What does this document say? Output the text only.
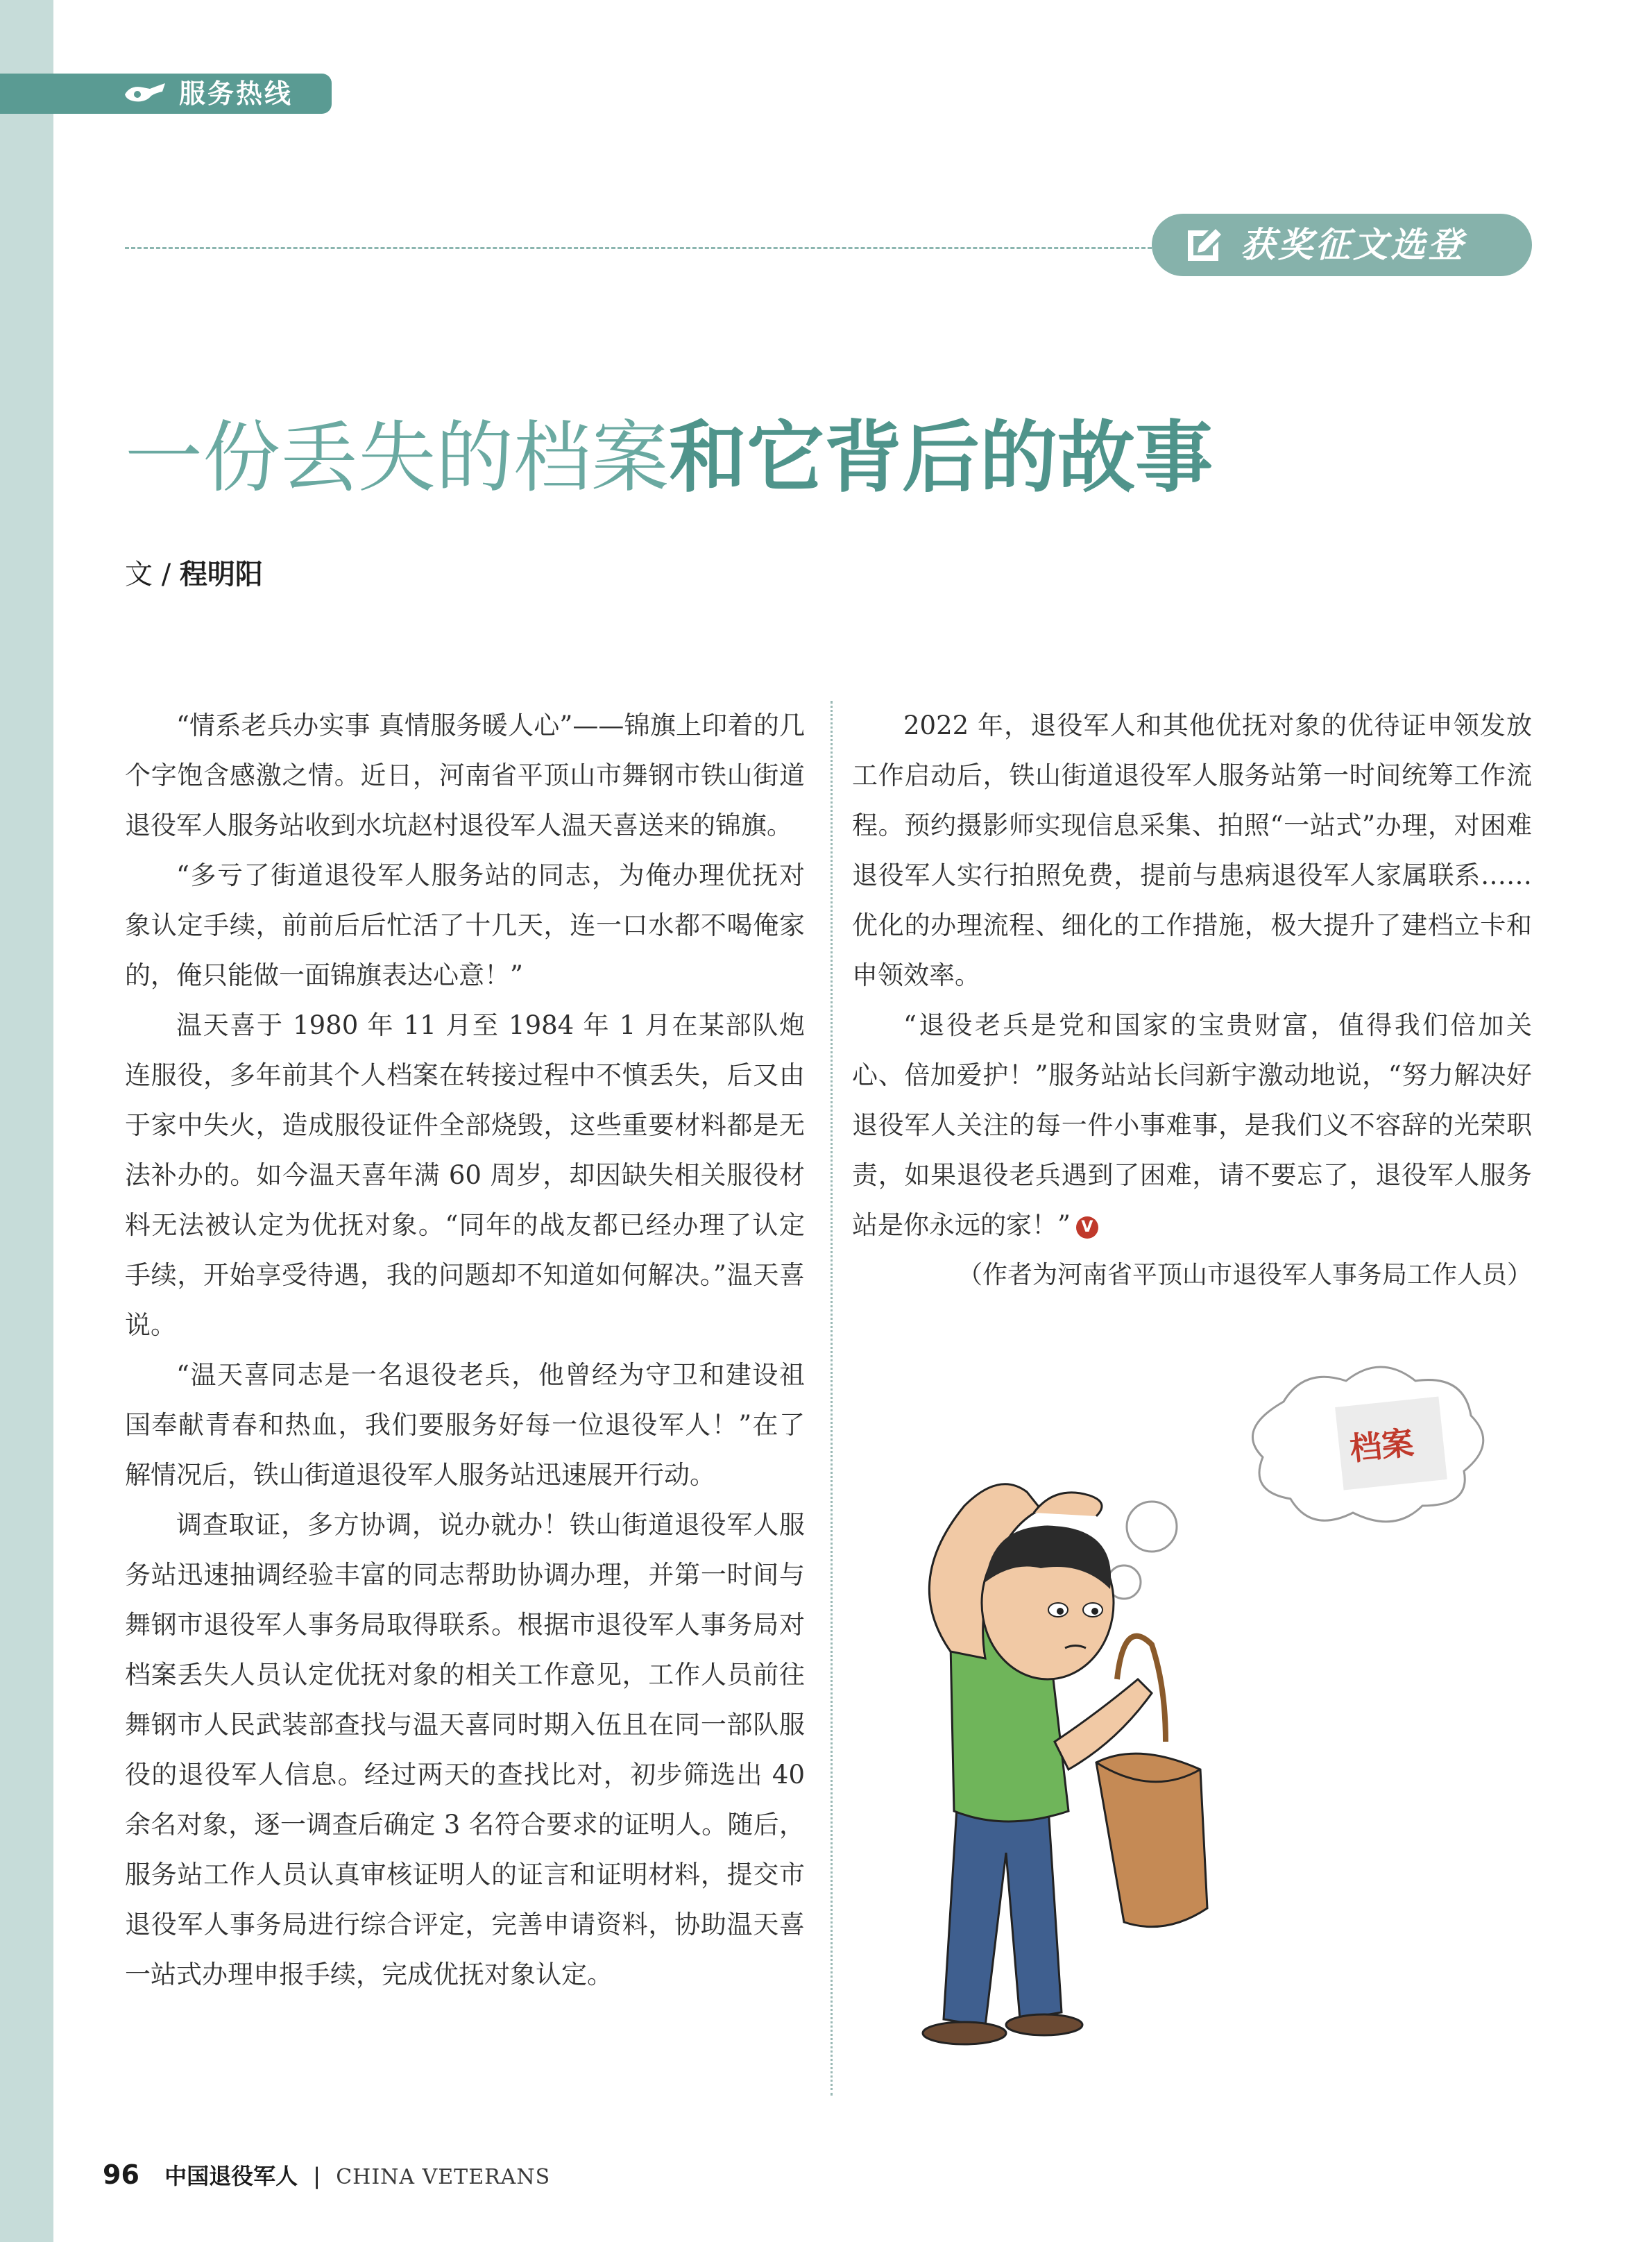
服务热线
获奖征文选登
一份丢失的档案和它背后的故事
文 / 程明阳

“情系老兵办实事 真情服务暖人心”——锦旗上印着的几个字饱含感激之情。近日，河南省平顶山市舞钢市铁山街道退役军人服务站收到水坑赵村退役军人温天喜送来的锦旗。

“多亏了街道退役军人服务站的同志，为俺办理优抚对象认定手续，前前后后忙活了十几天，连一口水都不喝俺家的，俺只能做一面锦旗表达心意！”

温天喜于 1980 年 11 月至 1984 年 1 月在某部队炮连服役，多年前其个人档案在转接过程中不慎丢失，后又由于家中失火，造成服役证件全部烧毁，这些重要材料都是无法补办的。如今温天喜年满 60 周岁，却因缺失相关服役材料无法被认定为优抚对象。“同年的战友都已经办理了认定手续，开始享受待遇，我的问题却不知道如何解决。”温天喜说。

“温天喜同志是一名退役老兵，他曾经为守卫和建设祖国奉献青春和热血，我们要服务好每一位退役军人！”在了解情况后，铁山街道退役军人服务站迅速展开行动。

调查取证，多方协调，说办就办！铁山街道退役军人服务站迅速抽调经验丰富的同志帮助协调办理，并第一时间与舞钢市退役军人事务局取得联系。根据市退役军人事务局对档案丢失人员认定优抚对象的相关工作意见，工作人员前往舞钢市人民武装部查找与温天喜同时期入伍且在同一部队服役的退役军人信息。经过两天的查找比对，初步筛选出 40 余名对象，逐一调查后确定 3 名符合要求的证明人。随后，服务站工作人员认真审核证明人的证言和证明材料，提交市退役军人事务局进行综合评定，完善申请资料，协助温天喜一站式办理申报手续，完成优抚对象认定。

2022 年，退役军人和其他优抚对象的优待证申领发放工作启动后，铁山街道退役军人服务站第一时间统筹工作流程。预约摄影师实现信息采集、拍照“一站式”办理，对困难退役军人实行拍照免费，提前与患病退役军人家属联系……优化的办理流程、细化的工作措施，极大提升了建档立卡和申领效率。

“退役老兵是党和国家的宝贵财富，值得我们倍加关心、倍加爱护！”服务站站长闫新宇激动地说，“努力解决好退役军人关注的每一件小事难事，是我们义不容辞的光荣职责，如果退役老兵遇到了困难，请不要忘了，退役军人服务站是你永远的家！” V

（作者为河南省平顶山市退役军人事务局工作人员）

档案
96 中国退役军人 | CHINA VETERANS
